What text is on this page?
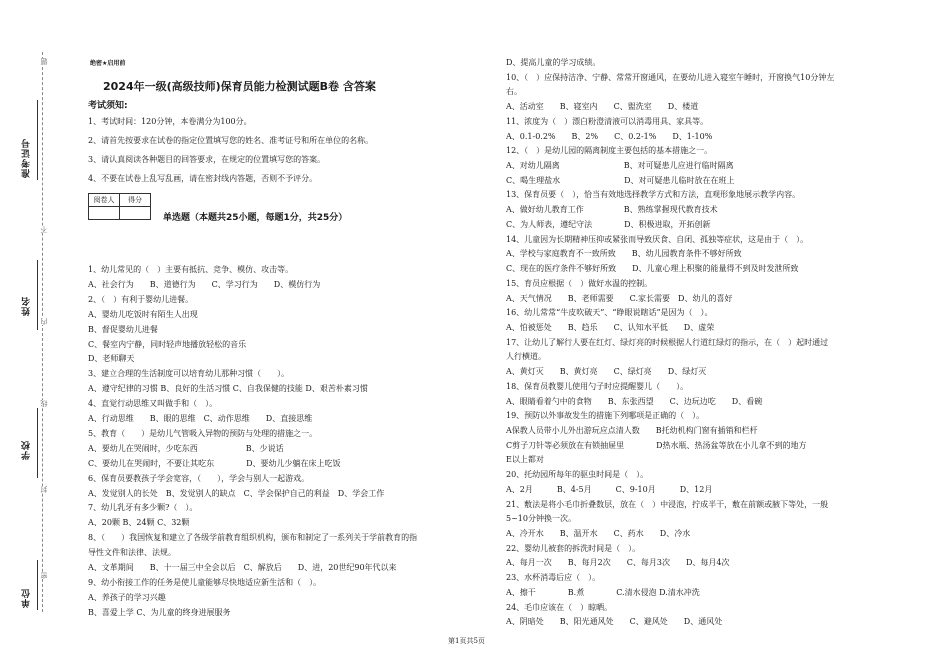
题
不
内
线
封
密
准考证号
姓名
学校
单位
绝密★启用前
2024年一级(高级技师)保育员能力检测试题B卷 含答案
考试须知:
1、考试时间：120分钟，本卷满分为100分。
2、请首先按要求在试卷的指定位置填写您的姓名、准考证号和所在单位的名称。
3、请认真阅读各种题目的回答要求，在规定的位置填写您的答案。
4、不要在试卷上乱写乱画，请在密封线内答题，否则不予评分。
阅卷人	得分

单选题（本题共25小题，每题1分，共25分）
1、幼儿常见的（　）主要有抵抗、竞争、模仿、攻击等。
A、社会行为　　B、道德行为　　C、学习行为　　D、模仿行为
2、（　）有利于婴幼儿进餐。
A、婴幼儿吃饭时有陌生人出现
B、督促婴幼儿进餐
C、餐室内宁静，同时轻声地播放轻松的音乐
D、老师聊天
3、建立合理的生活制度可以培育幼儿那种习惯（　　）。
A、遵守纪律的习惯 B、良好的生活习惯 C、自我保健的技能 D、艰苦朴素习惯
4、直觉行动思维又叫做手和（　）。
A、行动思维　　B、眼的思维　C、动作思维　　D、直接思维
5、教育（　　）是幼儿气管吸入异物的预防与处理的措施之一。
A、要幼儿在哭闹时，少吃东西　　　　　　B、少说话
C、要幼儿在哭闹时，不要让其吃东　　　　D、要幼儿少躺在床上吃饭
6、保育员要教孩子学会宽容，（　　），学会与别人一起游戏。
A、发觉别人的长处　B、发觉别人的缺点　C、学会保护自己的利益　D、学会工作
7、幼儿乳牙有多少颗?（　）。
A、20颗 B、24颗 C、32颗
8、（　　）我国恢复和建立了各级学前教育组织机构，颁布和制定了一系列关于学前教育的指
导性文件和法律、法规。
A、文革期间　　B、十一届三中全会以后　C、解放后　　D、进，20世纪90年代以来
9、幼小衔接工作的任务是使儿童能够尽快地适应新生活和（　）。
A、养孩子的学习兴趣
B、喜爱上学 C、为儿童的终身进展服务
D、提高儿童的学习成绩。
10、（　）应保持洁净、宁静、常常开窗通风，在要幼儿进入寝室午睡时，开窗换气10分钟左
右。
A、活动室　　B、寝室内　　C、盥洗室　　D、楼道
11、浓度为（　）漂白粉澄清液可以消毒用具、家具等。
A、0.1-0.2%　　B、2%　　C、0.2-1%　　D、1-10%
12、（　）是幼儿园的隔离制度主要包括的基本措施之一。
A、对幼儿隔离　　　　　　　　B、对可疑患儿应进行临时隔离
C、喝生理盐水　　　　　　　　D、对可疑患儿临时放在在班上
13、保育员要（　），恰当有效地选择教学方式和方法，直观形象地展示教学内容。
A、做好幼儿教育工作　　　　　B、熟练掌握现代教育技术
C、为人师表，遵纪守法　　　　D、积极进取，开拓创新
14、儿童因为长期精神压抑或紧张而导致厌食、自闭、孤独等症状，这是由于（　）。
A、学校与家庭教育不一致所致　　B、幼儿园教育条件不够好所致
C、现在的医疗条件不够好所致　　D、儿童心理上积聚的能量得不到及时发泄所致
15、育员应根据（　）做好水温的控制。
A、天气情况　　B、老师需要　　C.家长需要　D、幼儿的喜好
16、幼儿常常“牛皮吹破天”、“睁眼说瞎话”是因为（　）。
A、怕被惩处　　B、趋乐　　C、认知水平低　　D、虚荣
17、让幼儿了解行人要在红灯、绿灯亮的时候根据人行道红绿灯的指示，在（　）起时通过
人行横道。
A、黄灯灭　　B、黄灯亮　　C、绿灯亮　　D、绿灯灭
18、保育员教婴儿使用勺子时应提醒婴儿（　　）。
A、眼睛看着勺中的食物　　B、东张西望　　C、边玩边吃　　D、看碗
19、预防以外事故发生的措施下列哪项是正确的（　）。
A保教人员带小儿外出游玩应点清人数　　B托幼机构门窗有插销和栏杆
C剪子刀针等必须放在有锁抽屉里　　　　D热水瓶、热汤盆等放在小儿拿不到的地方
E以上都对
20、托幼园所每年的驱虫时间是（　）。
A、2月　　　B、4-5月　　　C、9-10月　　　D、12月
21、敷法是将小毛巾折叠数层，放在（　）中浸泡，拧成半干，敷在前额或腋下等处，一般
5~10分钟换一次。
A、冷开水　　B、温开水　　C、药水　　D、冷水
22、婴幼儿被套的拆洗时间是（　）。
A、每月一次　　B、每月2次　　C、每月3次　　D、每月4次
23、水杯消毒后应（　）。
A、擦干　　　　B.煮　　　　C.清水侵泡 D.清水冲洗
24、毛巾应该在（　）晾晒。
A、阴暗处　　B、阳光通风处　　C、避风处　　D、通风处
第1页共5页
